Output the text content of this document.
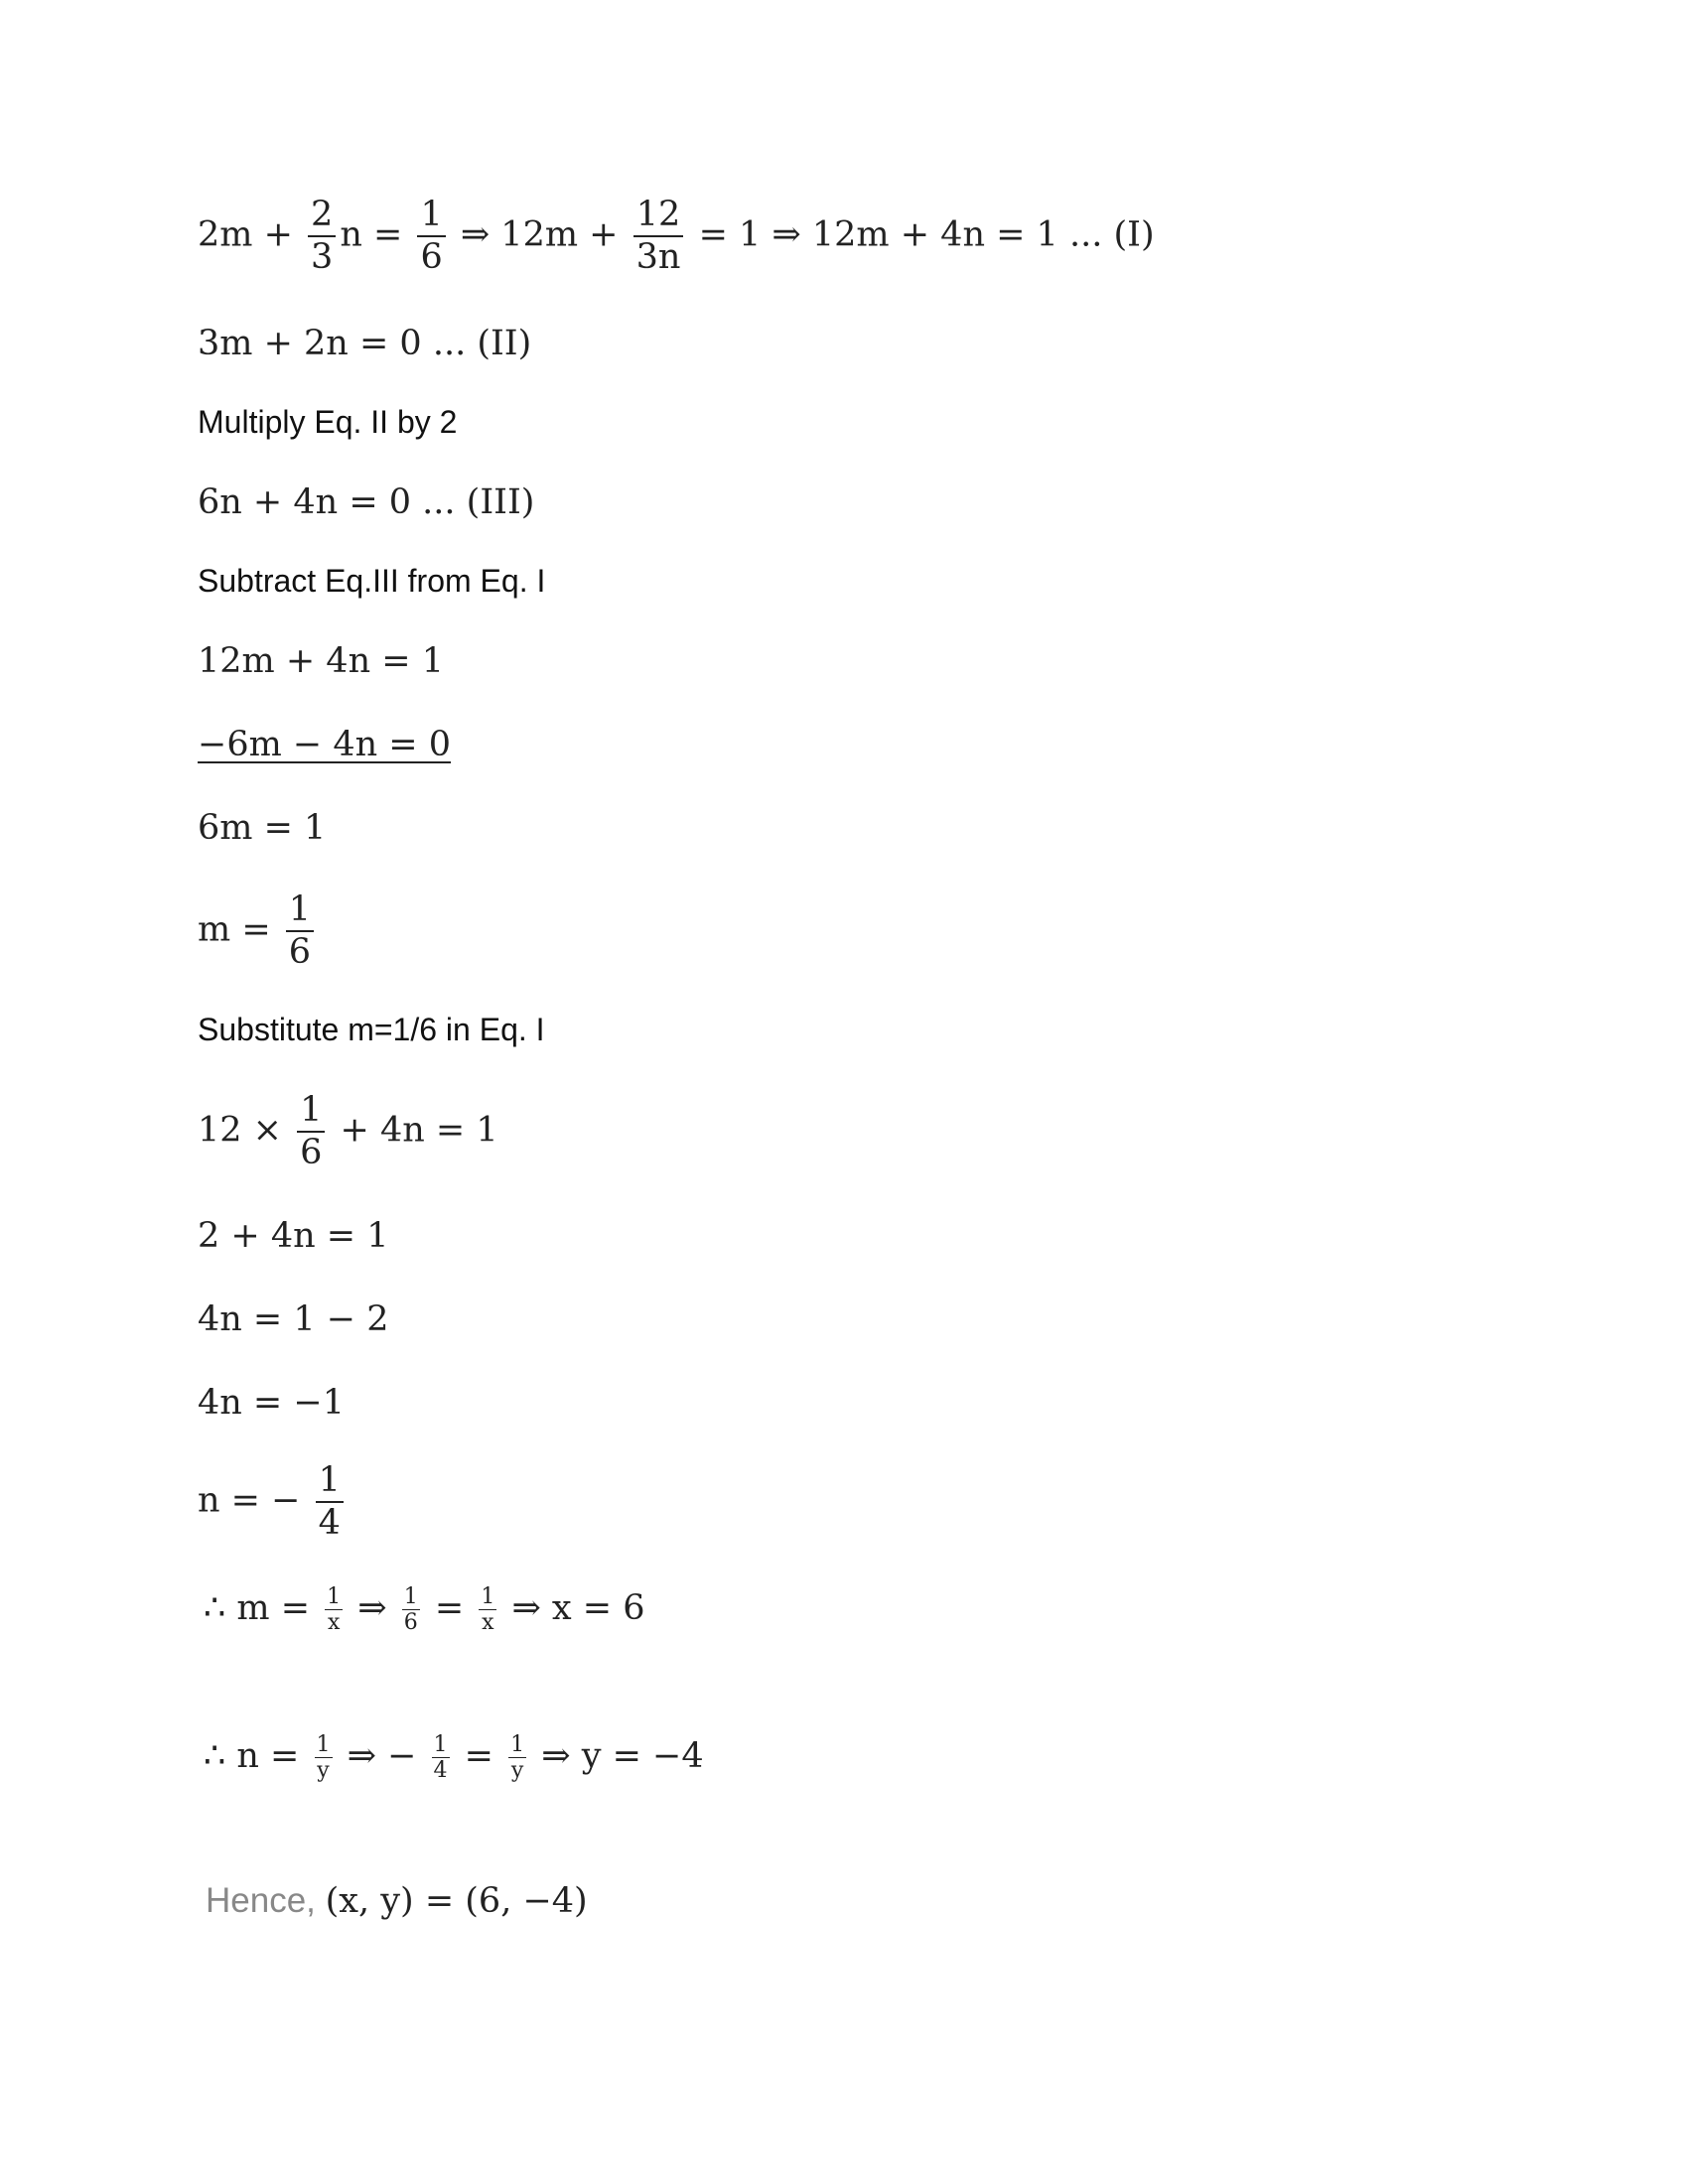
$2m + \frac{2}{3}$ $n = \frac{1}{6}$ ⇒ $12m + \frac{12}{3n} = 1$ ⇒ 12m + 4n = 1 ... (I)
3m + 2n = 0 ... (II)
Multiply Eq. II by 2
6n + 4n = 0 ... (III)
Subtract Eq.III from Eq. I
12m + 4n = 1
−6m − 4n = 0
6m = 1
$m = \frac{1}{6}$
Substitute m=1/6 in Eq. I
$12 \times \frac{1}{6} + 4n = 1$
2 + 4n = 1
4n = 1 − 2
4n = −1
n = − $\frac{1}{4}$
∴ $m = \frac{1}{x}$ ⇒ $\frac{1}{6} = \frac{1}{x}$ ⇒ x = 6
∴ $n = \frac{1}{y}$ ⇒ − $\frac{1}{4} = \frac{1}{y}$ ⇒ y = −4
Hence, (x, y) = (6, −4)
